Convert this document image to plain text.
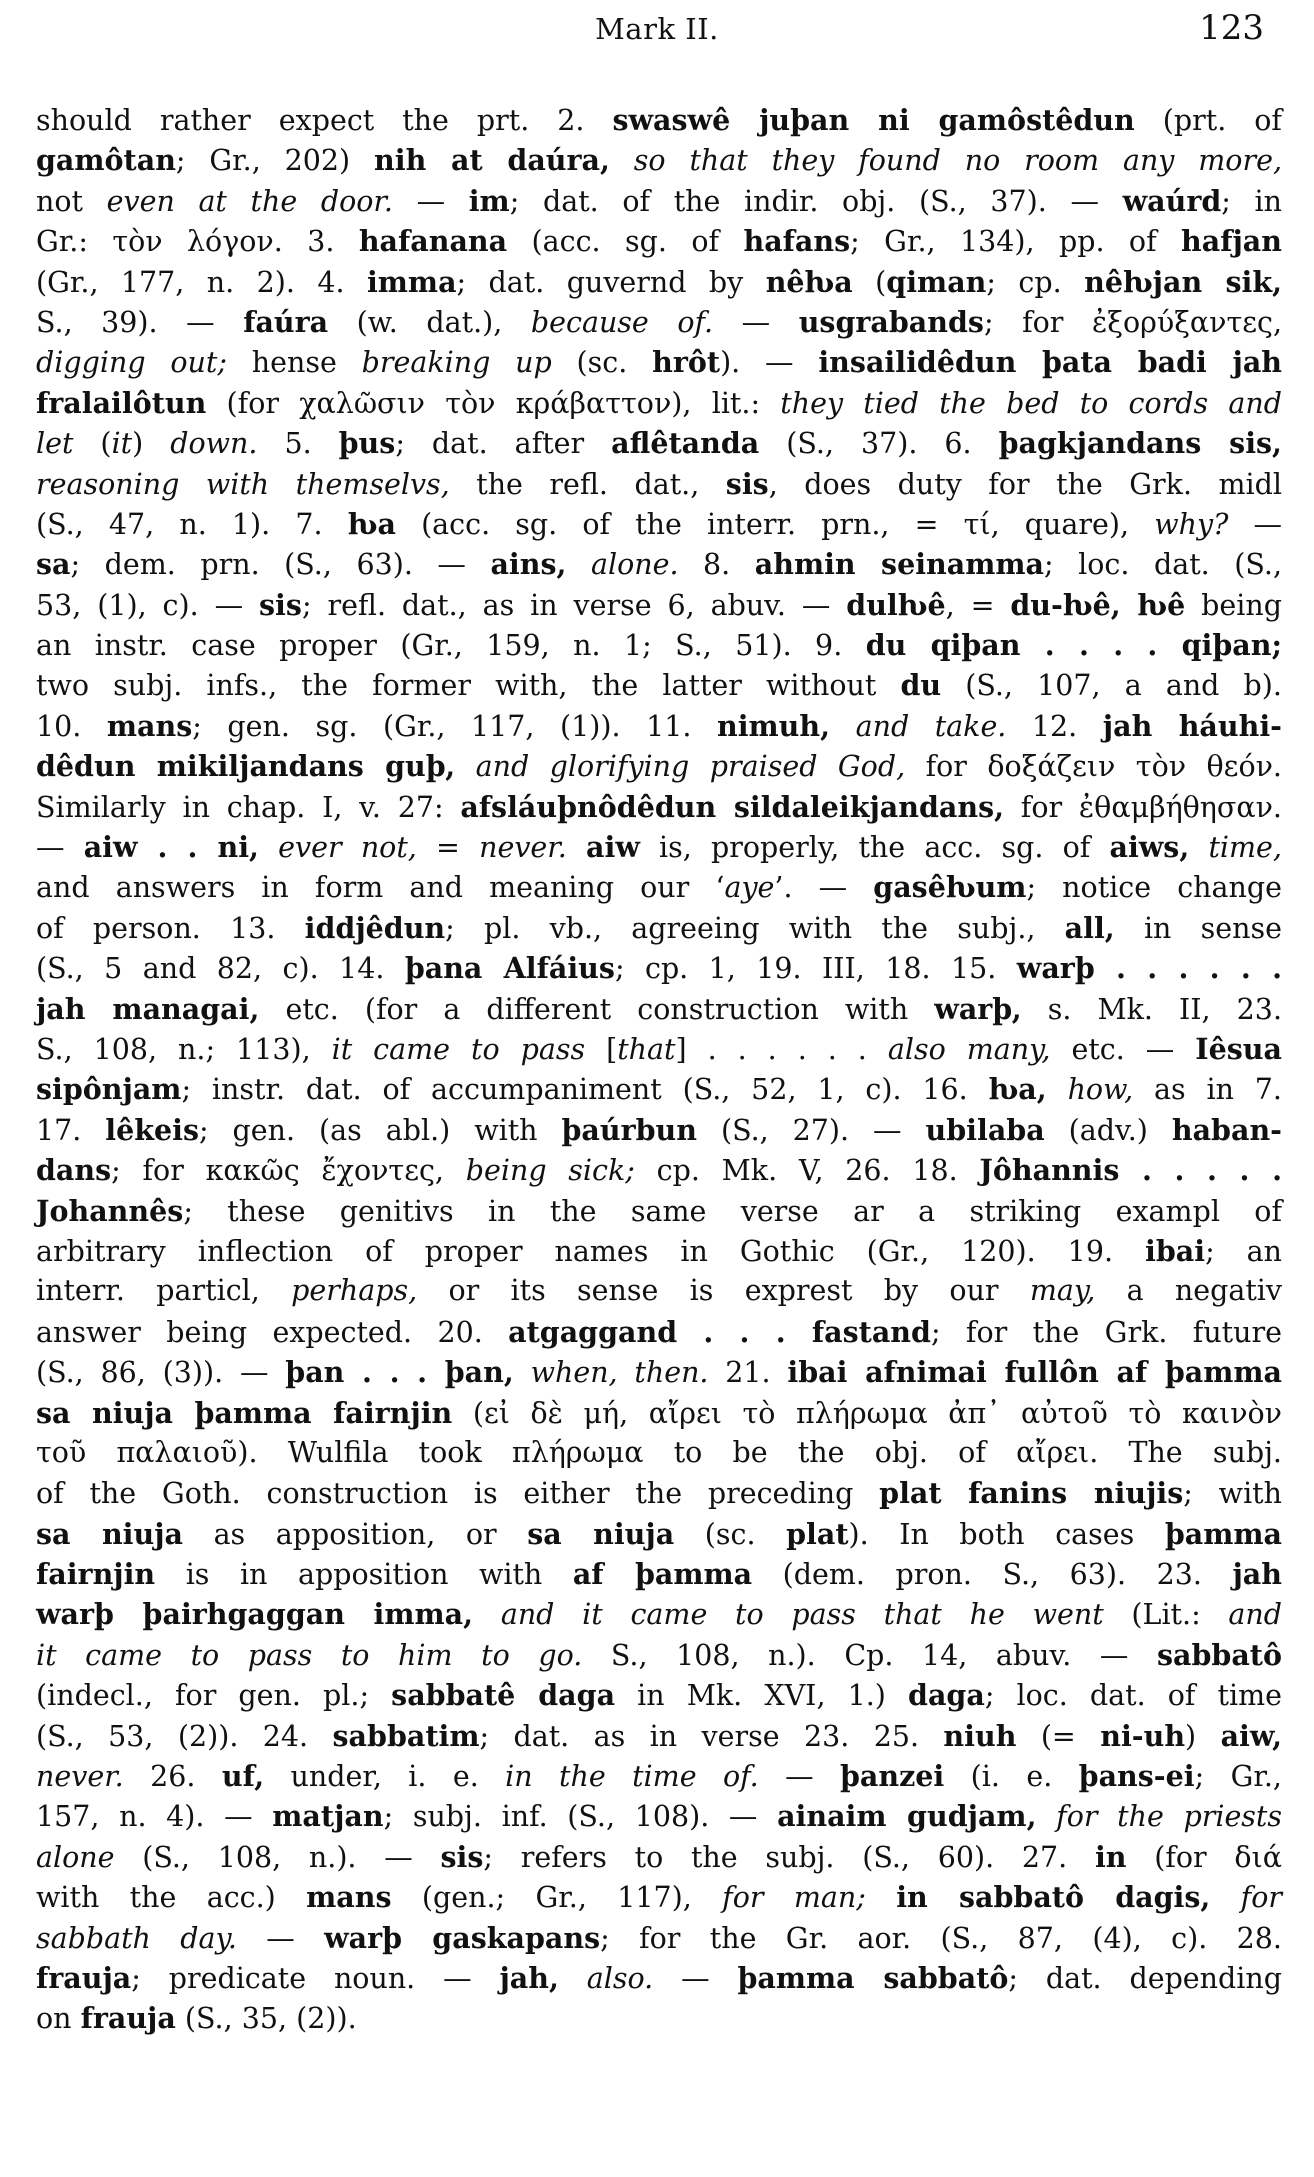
Mark II.	123
should rather expect the prt. 2. swaswê juþan ni gamôstêdun (prt. of
gamôtan; Gr., 202) nih at daúra, so that they found no room any more,
not even at the door. — im; dat. of the indir. obj. (S., 37). — waúrd; in
Gr.: τὸν λόγον. 3. hafanana (acc. sg. of hafans; Gr., 134), pp. of hafjan
(Gr., 177, n. 2). 4. imma; dat. guvernd by nêƕa (qiman; cp. nêƕjan sik,
S., 39). — faúra (w. dat.), because of. — usgrabands; for ἐξορύξαντες,
digging out; hense breaking up (sc. hrôt). — insailidêdun þata badi jah
fralailôtun (for χαλῶσιν τὸν κράβαττον), lit.: they tied the bed to cords and
let (it) down. 5. þus; dat. after aflêtanda (S., 37). 6. þagkjandans sis,
reasoning with themselvs, the refl. dat., sis, does duty for the Grk. midl
(S., 47, n. 1). 7. ƕa (acc. sg. of the interr. prn., = τί, quare), why? —
sa; dem. prn. (S., 63). — ains, alone. 8. ahmin seinamma; loc. dat. (S.,
53, (1), c). — sis; refl. dat., as in verse 6, abuv. — dulƕê, = du-ƕê, ƕê being
an instr. case proper (Gr., 159, n. 1; S., 51). 9. du qiþan . . . . qiþan;
two subj. infs., the former with, the latter without du (S., 107, a and b).
10. mans; gen. sg. (Gr., 117, (1)). 11. nimuh, and take. 12. jah háuhi-
dêdun mikiljandans guþ, and glorifying praised God, for δοξάζειν τὸν θεόν.
Similarly in chap. I, v. 27: afsláuþnôdêdun sildaleikjandans, for ἐθαμβήθησαν.
— aiw . . ni, ever not, = never. aiw is, properly, the acc. sg. of aiws, time,
and answers in form and meaning our ‘aye’. — gasêƕum; notice change
of person. 13. iddjêdun; pl. vb., agreeing with the subj., all, in sense
(S., 5 and 82, c). 14. þana Alfáius; cp. 1, 19. III, 18. 15. warþ . . . . . .
jah managai, etc. (for a different construction with warþ, s. Mk. II, 23.
S., 108, n.; 113), it came to pass [that] . . . . . . also many, etc. — Iêsua
sipônjam; instr. dat. of accumpaniment (S., 52, 1, c). 16. ƕa, how, as in 7.
17. lêkeis; gen. (as abl.) with þaúrbun (S., 27). — ubilaba (adv.) haban-
dans; for κακῶς ἔχοντες, being sick; cp. Mk. V, 26. 18. Jôhannis . . . . .
Johannês; these genitivs in the same verse ar a striking exampl of
arbitrary inflection of proper names in Gothic (Gr., 120). 19. ibai; an
interr. particl, perhaps, or its sense is exprest by our may, a negativ
answer being expected. 20. atgaggand . . . fastand; for the Grk. future
(S., 86, (3)). — þan . . . þan, when, then. 21. ibai afnimai fullôn af þamma
sa niuja þamma fairnjin (εἰ δὲ μή, αἴρει τὸ πλήρωμα ἀπ᾽ αὐτοῦ τὸ καινὸν
τοῦ παλαιοῦ). Wulfila took πλήρωμα to be the obj. of αἴρει. The subj.
of the Goth. construction is either the preceding plat fanins niujis; with
sa niuja as apposition, or sa niuja (sc. plat). In both cases þamma
fairnjin is in apposition with af þamma (dem. pron. S., 63). 23. jah
warþ þairhgaggan imma, and it came to pass that he went (Lit.: and
it came to pass to him to go. S., 108, n.). Cp. 14, abuv. — sabbatô
(indecl., for gen. pl.; sabbatê daga in Mk. XVI, 1.) daga; loc. dat. of time
(S., 53, (2)). 24. sabbatim; dat. as in verse 23. 25. niuh (= ni-uh) aiw,
never. 26. uf, under, i. e. in the time of. — þanzei (i. e. þans-ei; Gr.,
157, n. 4). — matjan; subj. inf. (S., 108). — ainaim gudjam, for the priests
alone (S., 108, n.). — sis; refers to the subj. (S., 60). 27. in (for διά
with the acc.) mans (gen.; Gr., 117), for man; in sabbatô dagis, for
sabbath day. — warþ gaskapans; for the Gr. aor. (S., 87, (4), c). 28.
frauja; predicate noun. — jah, also. — þamma sabbatô; dat. depending
on frauja (S., 35, (2)).
